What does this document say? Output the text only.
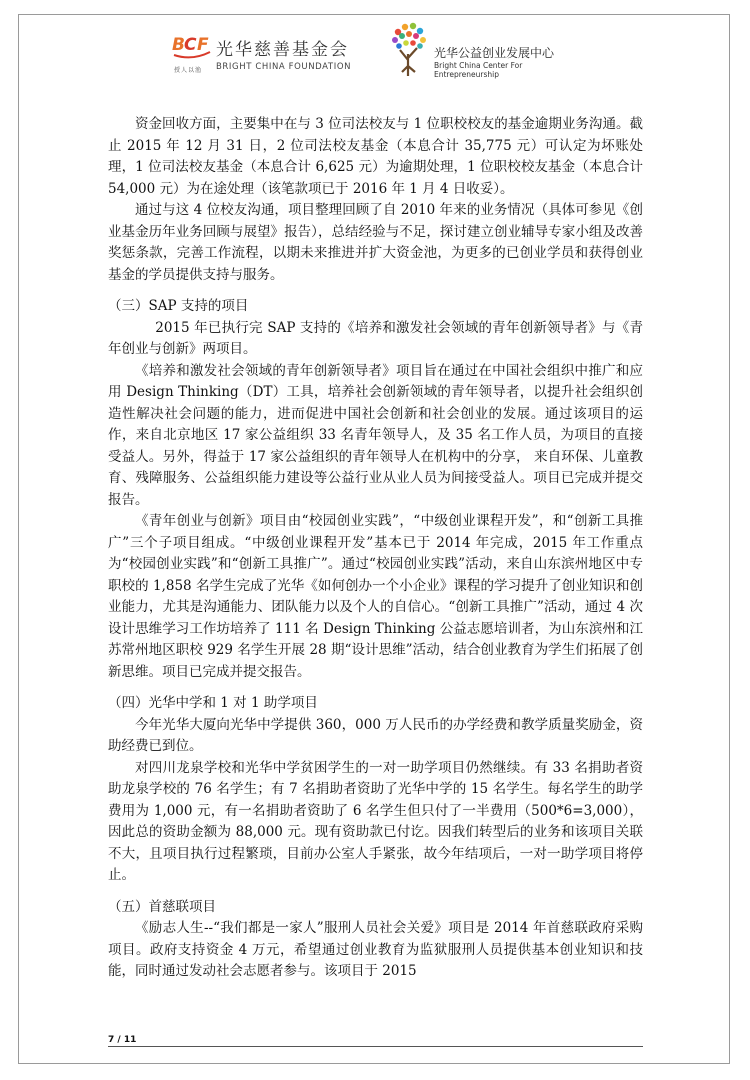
B C F
授人以渔
光华慈善基金会
BRIGHT CHINA FOUNDATION
光华公益创业发展中心
Bright China Center For Entrepreneurship

资金回收方面，主要集中在与 3 位司法校友与 1 位职校校友的基金逾期业务沟通。截止 2015 年 12 月 31 日，2 位司法校友基金（本息合计 35,775 元）可认定为坏账处理，1 位司法校友基金（本息合计 6,625 元）为逾期处理，1 位职校校友基金（本息合计 54,000 元）为在途处理（该笔款项已于 2016 年 1 月 4 日收妥）。

通过与这 4 位校友沟通，项目整理回顾了自 2010 年来的业务情况（具体可参见《创业基金历年业务回顾与展望》报告），总结经验与不足，探讨建立创业辅导专家小组及改善奖惩条款，完善工作流程，以期未来推进并扩大资金池，为更多的已创业学员和获得创业基金的学员提供支持与服务。

（三）SAP 支持的项目

2015 年已执行完 SAP 支持的《培养和激发社会领域的青年创新领导者》与《青年创业与创新》两项目。

《培养和激发社会领域的青年创新领导者》项目旨在通过在中国社会组织中推广和应用 Design Thinking（DT）工具，培养社会创新领域的青年领导者，以提升社会组织创造性解决社会问题的能力，进而促进中国社会创新和社会创业的发展。通过该项目的运作，来自北京地区 17 家公益组织 33 名青年领导人，及 35 名工作人员，为项目的直接受益人。另外，得益于 17 家公益组织的青年领导人在机构中的分享， 来自环保、儿童教育、残障服务、公益组织能力建设等公益行业从业人员为间接受益人。项目已完成并提交报告。

《青年创业与创新》项目由“校园创业实践”，“中级创业课程开发”，和“创新工具推广”三个子项目组成。“中级创业课程开发”基本已于 2014 年完成，2015 年工作重点为“校园创业实践”和“创新工具推广”。通过“校园创业实践”活动，来自山东滨州地区中专职校的 1,858 名学生完成了光华《如何创办一个小企业》课程的学习提升了创业知识和创业能力，尤其是沟通能力、团队能力以及个人的自信心。“创新工具推广”活动，通过 4 次设计思维学习工作坊培养了 111 名 Design Thinking 公益志愿培训者，为山东滨州和江苏常州地区职校 929 名学生开展 28 期“设计思维”活动，结合创业教育为学生们拓展了创新思维。项目已完成并提交报告。

（四）光华中学和 1 对 1 助学项目

今年光华大厦向光华中学提供 360，000 万人民币的办学经费和教学质量奖励金，资助经费已到位。

对四川龙泉学校和光华中学贫困学生的一对一助学项目仍然继续。有 33 名捐助者资助龙泉学校的 76 名学生；有 7 名捐助者资助了光华中学的 15 名学生。每名学生的助学费用为 1,000 元，有一名捐助者资助了 6 名学生但只付了一半费用（500*6=3,000），因此总的资助金额为 88,000 元。现有资助款已付讫。因我们转型后的业务和该项目关联不大，且项目执行过程繁琐，目前办公室人手紧张，故今年结项后，一对一助学项目将停止。

（五）首慈联项目

《励志人生--“我们都是一家人”服刑人员社会关爱》项目是 2014 年首慈联政府采购项目。政府支持资金 4 万元，希望通过创业教育为监狱服刑人员提供基本创业知识和技能，同时通过发动社会志愿者参与。该项目于 2015

7 / 11
